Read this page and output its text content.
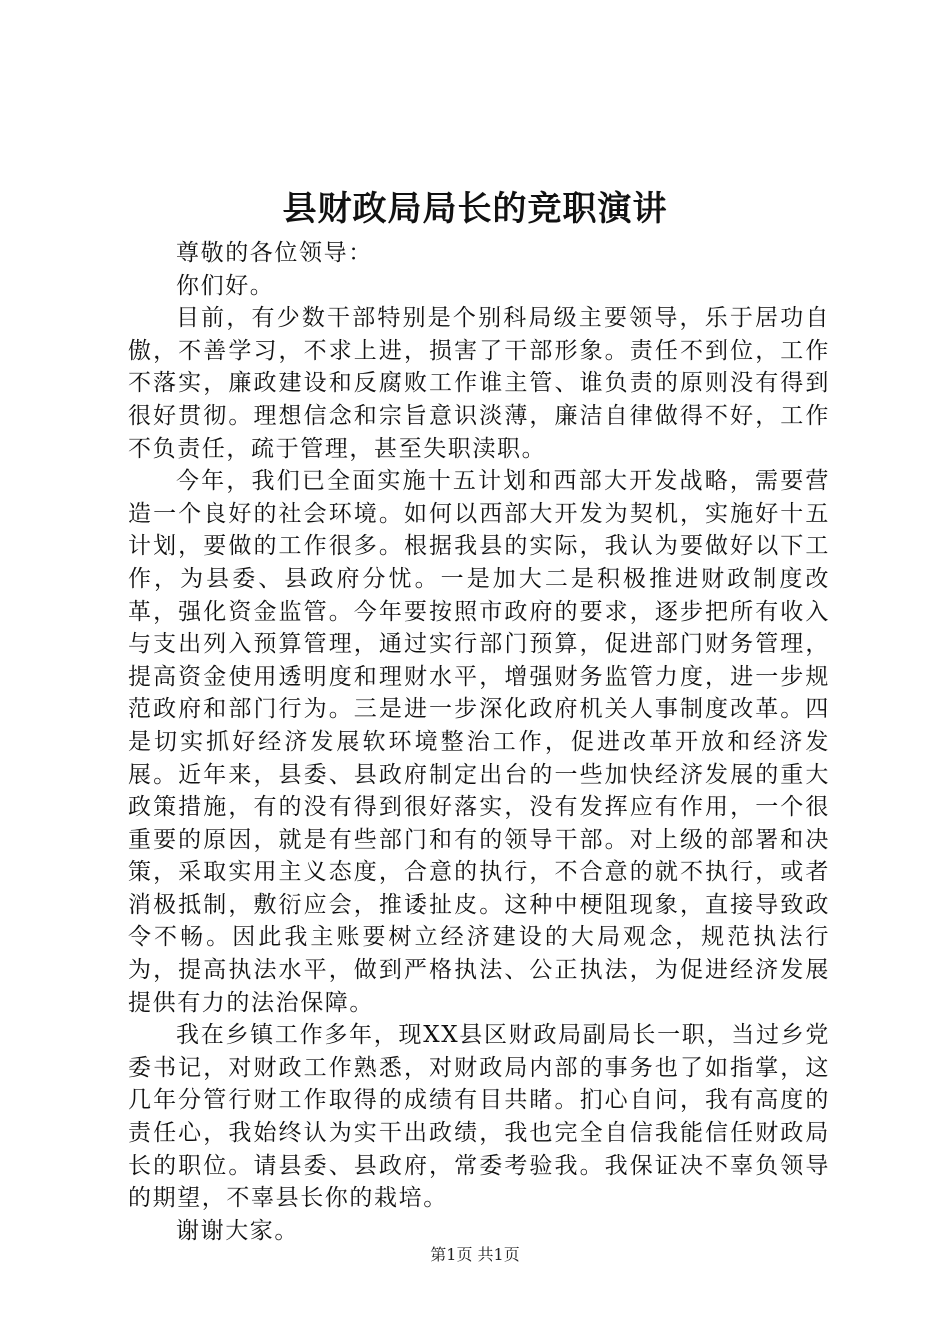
县财政局局长的竞职演讲

尊敬的各位领导：

你们好。

目前，有少数干部特别是个别科局级主要领导，乐于居功自傲，不善学习，不求上进，损害了干部形象。责任不到位，工作不落实，廉政建设和反腐败工作谁主管、谁负责的原则没有得到很好贯彻。理想信念和宗旨意识淡薄，廉洁自律做得不好，工作不负责任，疏于管理，甚至失职渎职。

今年，我们已全面实施十五计划和西部大开发战略，需要营造一个良好的社会环境。如何以西部大开发为契机，实施好十五计划，要做的工作很多。根据我县的实际，我认为要做好以下工作，为县委、县政府分忧。一是加大二是积极推进财政制度改革，强化资金监管。今年要按照市政府的要求，逐步把所有收入与支出列入预算管理，通过实行部门预算，促进部门财务管理，提高资金使用透明度和理财水平，增强财务监管力度，进一步规范政府和部门行为。三是进一步深化政府机关人事制度改革。四是切实抓好经济发展软环境整治工作，促进改革开放和经济发展。近年来，县委、县政府制定出台的一些加快经济发展的重大政策措施，有的没有得到很好落实，没有发挥应有作用，一个很重要的原因，就是有些部门和有的领导干部。对上级的部署和决策，采取实用主义态度，合意的执行，不合意的就不执行，或者消极抵制，敷衍应会，推诿扯皮。这种中梗阻现象，直接导致政令不畅。因此我主账要树立经济建设的大局观念，规范执法行为，提高执法水平，做到严格执法、公正执法，为促进经济发展提供有力的法治保障。

我在乡镇工作多年，现XX县区财政局副局长一职，当过乡党委书记，对财政工作熟悉，对财政局内部的事务也了如指掌，这几年分管行财工作取得的成绩有目共睹。扪心自问，我有高度的责任心，我始终认为实干出政绩，我也完全自信我能信任财政局长的职位。请县委、县政府，常委考验我。我保证决不辜负领导的期望，不辜县长你的栽培。

谢谢大家。

第1页 共1页
